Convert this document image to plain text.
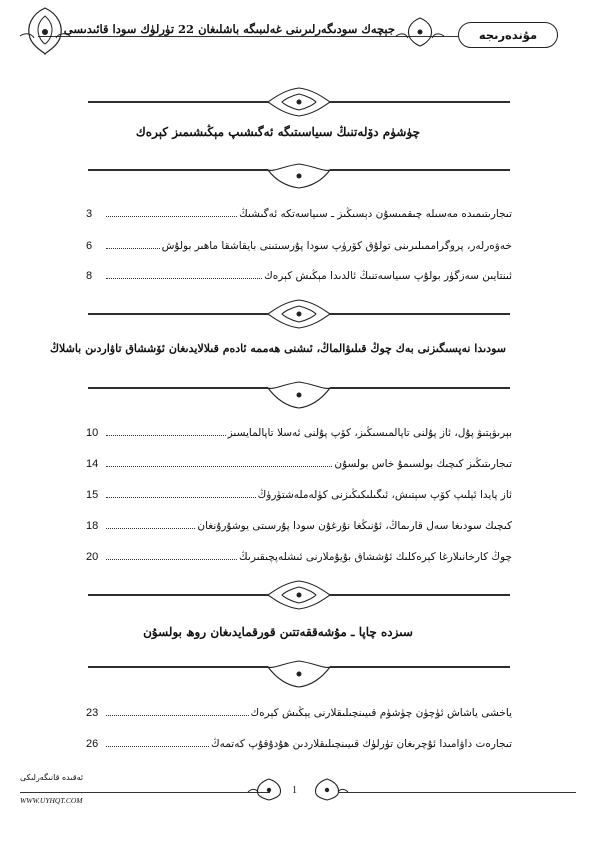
جېچەك سودىگەرلىرىنى غەلىبىگە باشلىغان 22 تۈرلۈك سودا قائىدىسى	مۇندەرىجە
چۈشۈم دۆلەتنىڭ سىياسىتىگە ئەگىشىپ مېڭىشىمىز كېرەك
تىجارىتىمىدە مەسىلە چىقمىسۇن دېسىڭىز ـ سىياسەتكە ئەگىشىڭ
3
خەۋەرلەر، پروگراممىلىرىنى تولۇق كۆرۈپ سودا پۇرسىتىنى بايقاشقا ماھىر بولۇش
6
ئىنتايىن سەزگۈر بولۇپ سىياسەتنىڭ ئالدىدا مېڭىش كېرەك
8
سودىدا نەپسىگىزنى بەك چوڭ قىلىۋالماڭ، ئىشنى ھەممە ئادەم قىلالايدىغان ئۆششاق تاۋاردىن باشلاڭ
بېرىۋېتىۋ پۇل، ئاز پۇلنى تاپالمىسىڭىز، كۆپ پۇلنى ئەسلا تاپالمايسىز
10
تىجارىتىڭىز كىچىك بولسىمۇ خاس بولسۇن
14
ئاز پايدا ئېلىپ كۆپ سېتىش، ئىگىلىكىڭىزنى كۈلەملەشتۈرۈڭ
15
كىچىك سودىغا سەل قارىماڭ، ئۇنىڭغا نۇرغۇن سودا پۇرسىتى يوشۇرۇنغان
18
چوڭ كارخانىلارغا كېرەكلىك ئۇششاق بۇيۇملارنى ئىشلەپچىقىرىڭ
20
سىزدە چاپا ـ مۇشەققەتتىن قورقمايدىغان روھ بولسۇن
ياخشى ياشاش ئۈچۈن چۈشۈم قىيىنچىلىقلارنى يېڭىش كېرەك
23
تىجارەت داۋامىدا ئۇچرىغان تۈرلۈك قىيىنچىلىقلاردىن ھۇدۇقۇپ كەتمەڭ
26
ئەقىدە قانىگەرلىكى
WWW.UYHQT.COM
1
